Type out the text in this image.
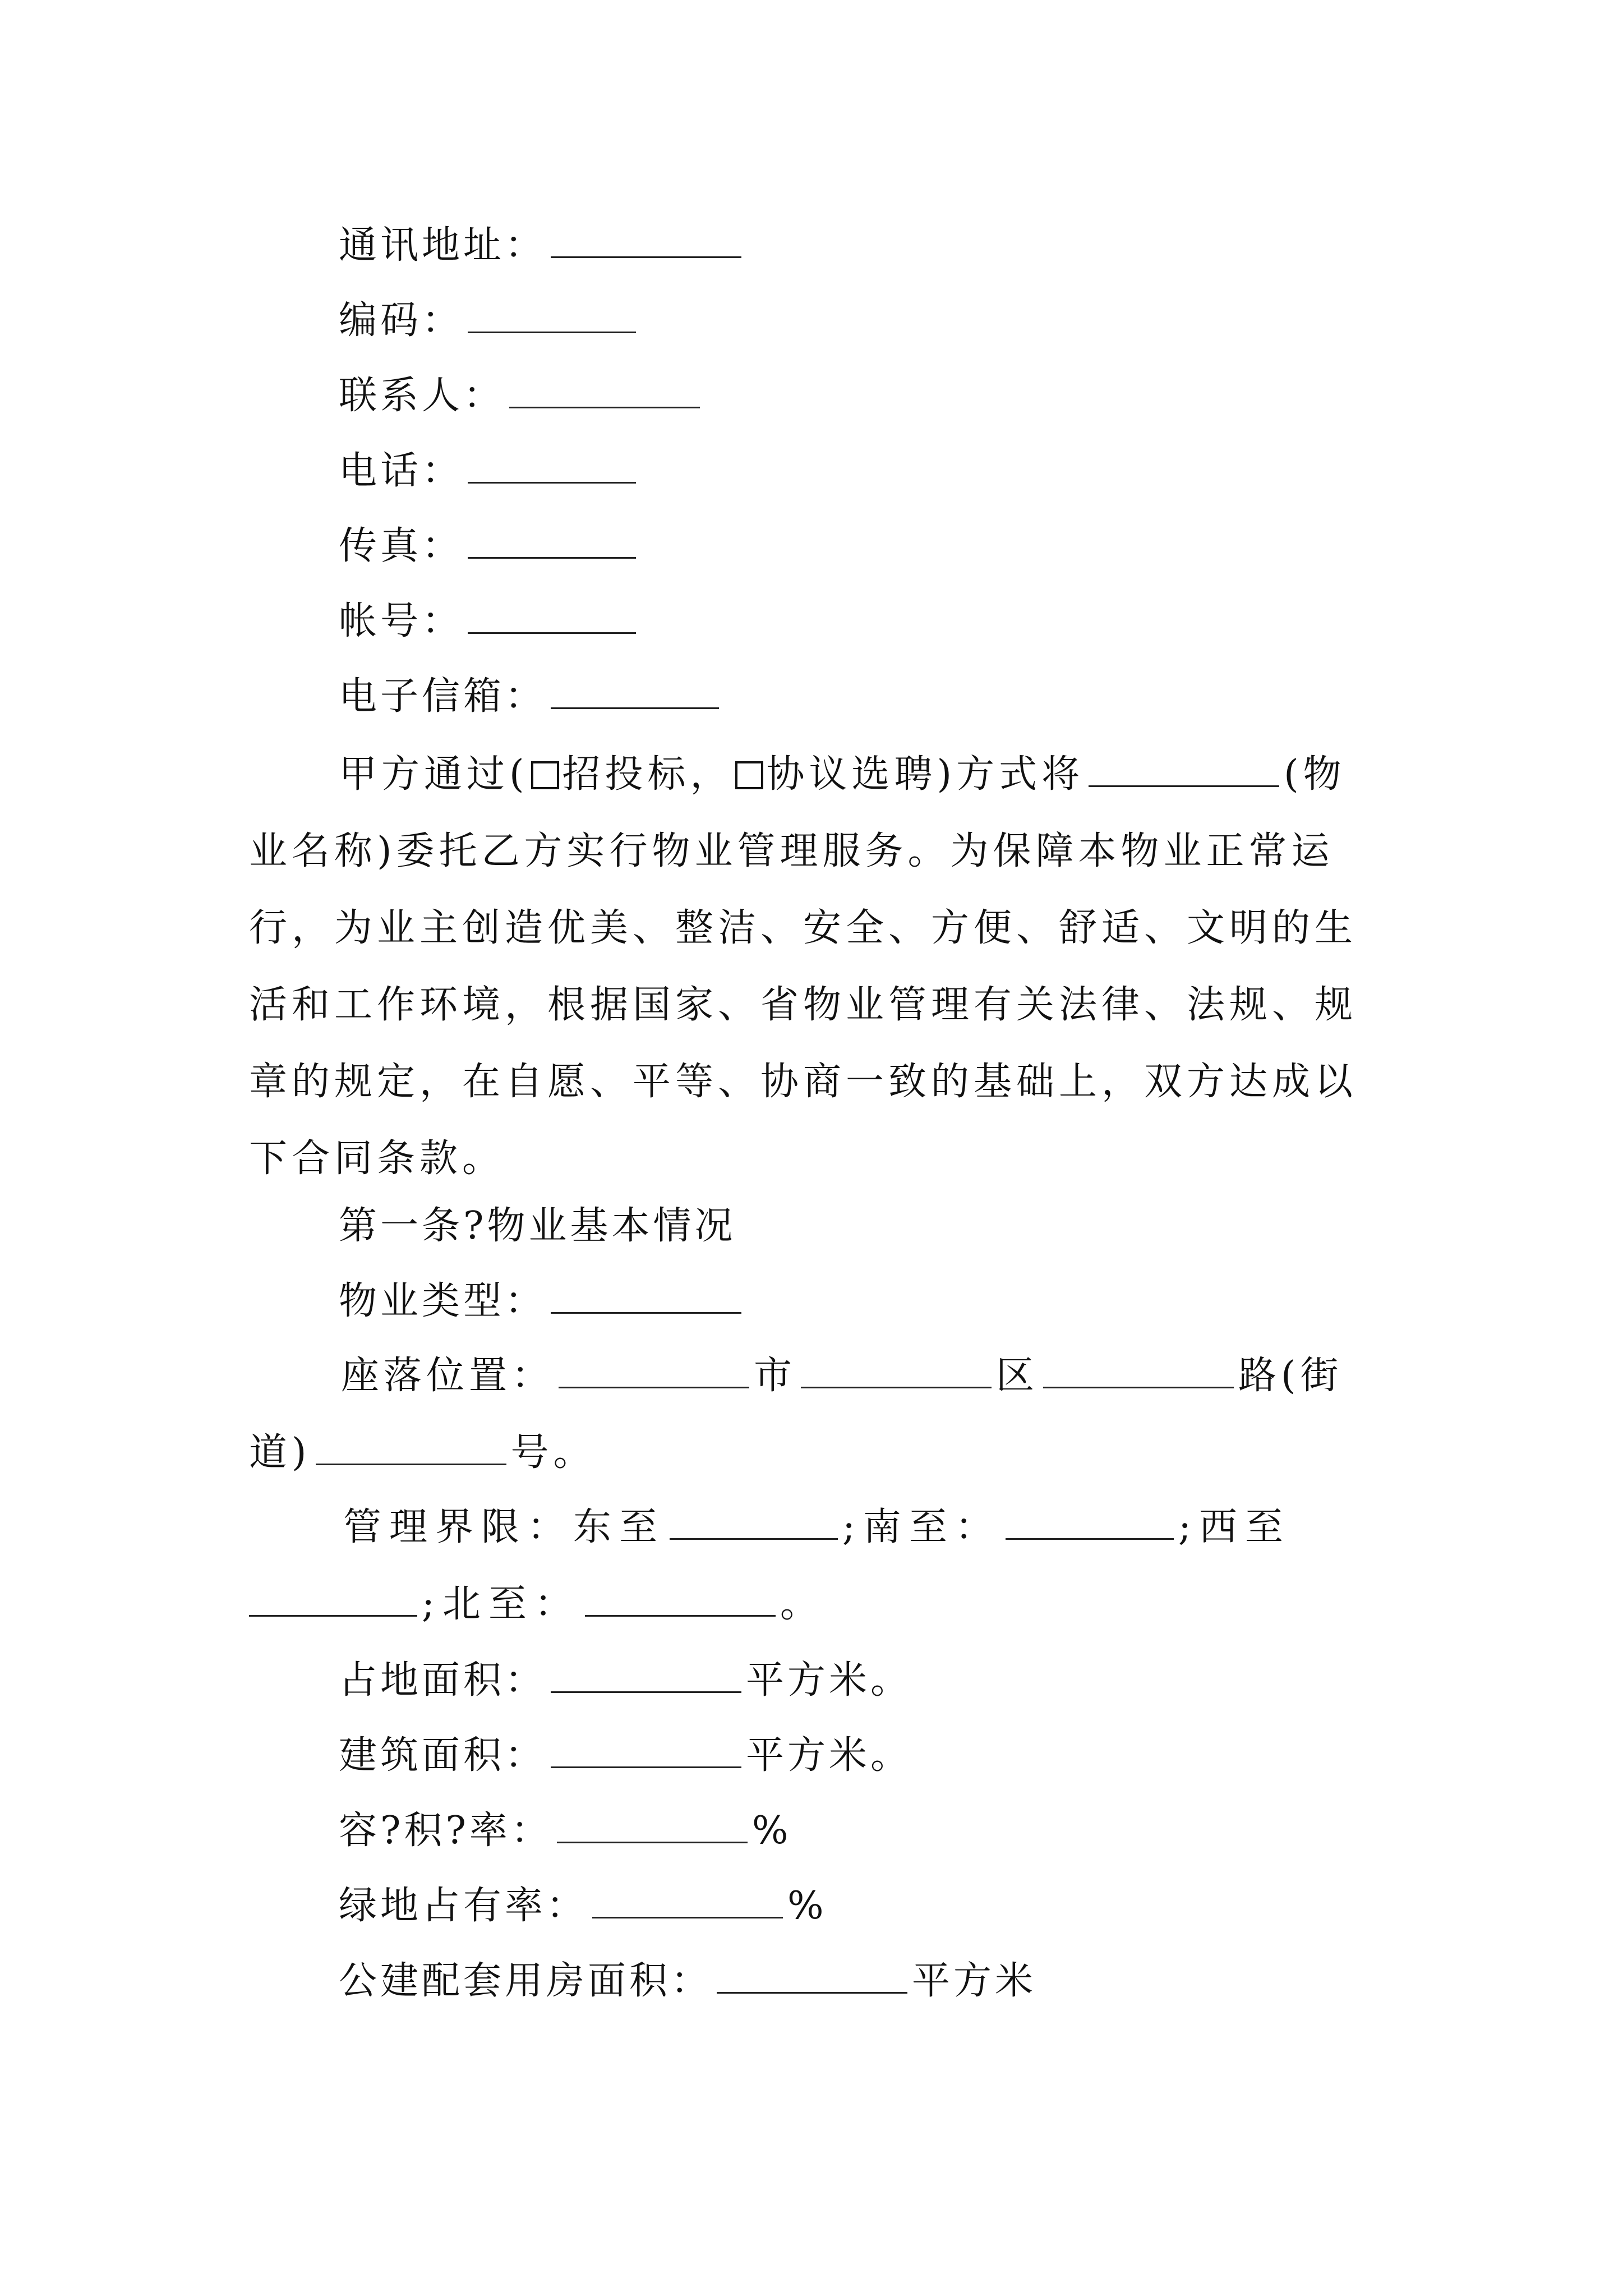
通讯地址：
编码：
联系人：
电话：
传真：
帐号：
电子信箱：
甲方通过( 招投标， 协议选聘)方式将	(物
业名称)委托乙方实行物业管理服务。为保障本物业正常运
行，为业主创造优美、整洁、安全、方便、舒适、文明的生
活和工作环境，根据国家、省物业管理有关法律、法规、规
章的规定，在自愿、平等、协商一致的基础上，双方达成以
下合同条款。
第一条?物业基本情况
物业类型：
座落位置：	市	区	路(街
道)	号。
管理界限：东至	;南至：	;西至
;北至：	。
占地面积：	平方米。
建筑面积：	平方米。
容?积?率：	%
绿地占有率：	%
公建配套用房面积：	平方米
